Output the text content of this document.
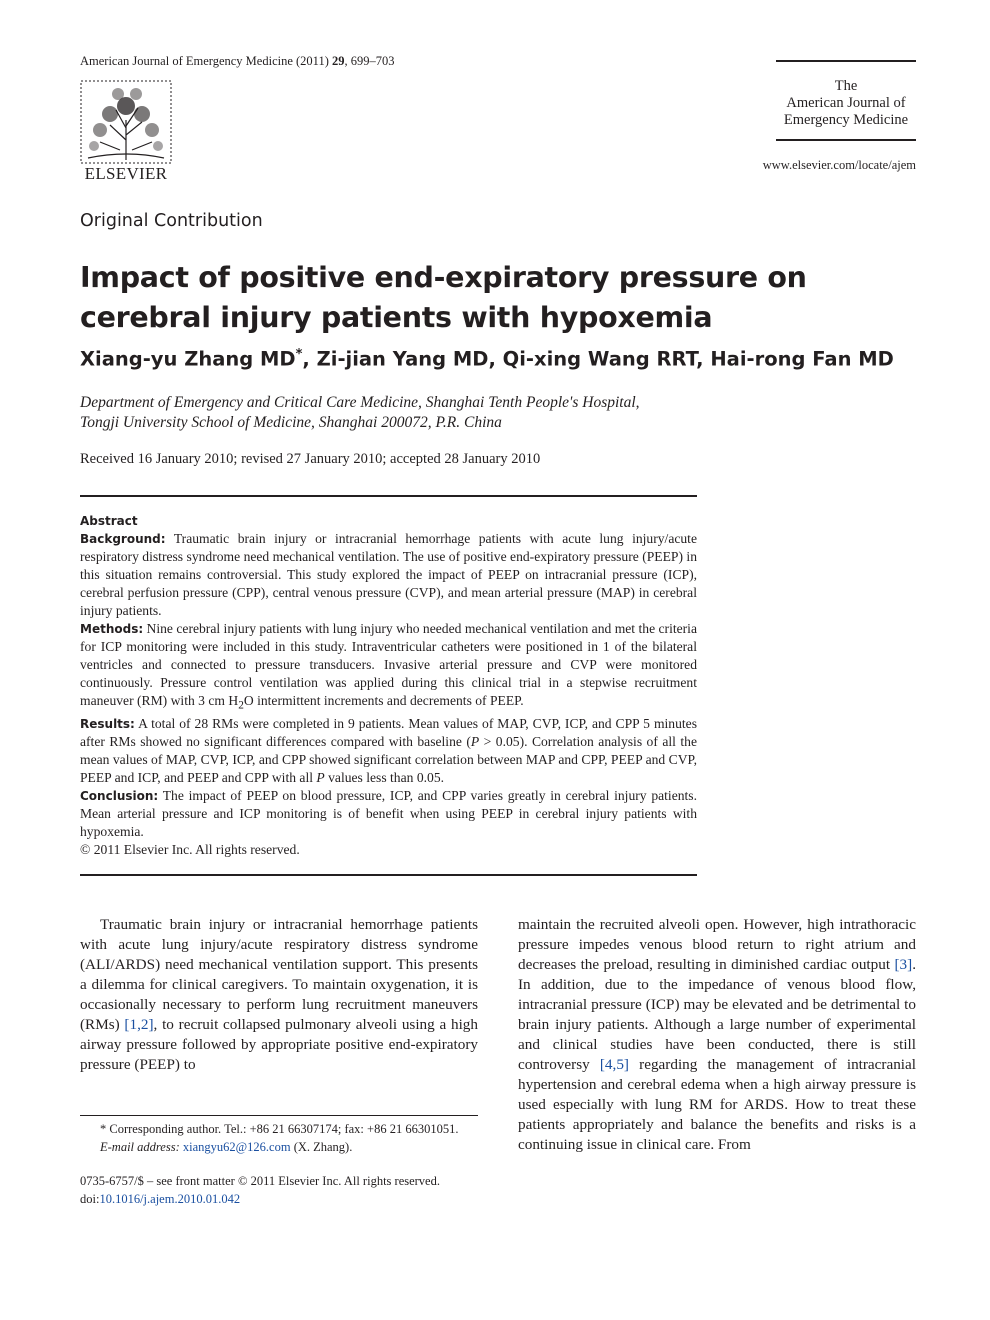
American Journal of Emergency Medicine (2011) 29, 699–703
ELSEVIER
The
American Journal of
Emergency Medicine
www.elsevier.com/locate/ajem
Original Contribution
Impact of positive end-expiratory pressure on cerebral injury patients with hypoxemia
Xiang-yu Zhang MD*, Zi-jian Yang MD, Qi-xing Wang RRT, Hai-rong Fan MD
Department of Emergency and Critical Care Medicine, Shanghai Tenth People's Hospital,
Tongji University School of Medicine, Shanghai 200072, P.R. China
Received 16 January 2010; revised 27 January 2010; accepted 28 January 2010

Abstract

Background: Traumatic brain injury or intracranial hemorrhage patients with acute lung injury/acute respiratory distress syndrome need mechanical ventilation. The use of positive end-expiratory pressure (PEEP) in this situation remains controversial. This study explored the impact of PEEP on intracranial pressure (ICP), cerebral perfusion pressure (CPP), central venous pressure (CVP), and mean arterial pressure (MAP) in cerebral injury patients.

Methods: Nine cerebral injury patients with lung injury who needed mechanical ventilation and met the criteria for ICP monitoring were included in this study. Intraventricular catheters were positioned in 1 of the bilateral ventricles and connected to pressure transducers. Invasive arterial pressure and CVP were monitored continuously. Pressure control ventilation was applied during this clinical trial in a stepwise recruitment maneuver (RM) with 3 cm $H_2O$ intermittent increments and decrements of PEEP.

Results: A total of 28 RMs were completed in 9 patients. Mean values of MAP, CVP, ICP, and CPP 5 minutes after RMs showed no significant differences compared with baseline (P > 0.05). Correlation analysis of all the mean values of MAP, CVP, ICP, and CPP showed significant correlation between MAP and CPP, PEEP and CVP, PEEP and ICP, and PEEP and CPP with all P values less than 0.05.

Conclusion: The impact of PEEP on blood pressure, ICP, and CPP varies greatly in cerebral injury patients. Mean arterial pressure and ICP monitoring is of benefit when using PEEP in cerebral injury patients with hypoxemia.

© 2011 Elsevier Inc. All rights reserved.

Traumatic brain injury or intracranial hemorrhage patients with acute lung injury/acute respiratory distress syndrome (ALI/ARDS) need mechanical ventilation support. This presents a dilemma for clinical caregivers. To maintain oxygenation, it is occasionally necessary to perform lung recruitment maneuvers (RMs) [1,2], to recruit collapsed pulmonary alveoli using a high airway pressure followed by appropriate positive end-expiratory pressure (PEEP) to
maintain the recruited alveoli open. However, high intrathoracic pressure impedes venous blood return to right atrium and decreases the preload, resulting in diminished cardiac output [3]. In addition, due to the impedance of venous blood flow, intracranial pressure (ICP) may be elevated and be detrimental to brain injury patients. Although a large number of experimental and clinical studies have been conducted, there is still controversy [4,5] regarding the management of intracranial hypertension and cerebral edema when a high airway pressure is used especially with lung RM for ARDS. How to treat these patients appropriately and balance the benefits and risks is a continuing issue in clinical care. From
* Corresponding author. Tel.: +86 21 66307174; fax: +86 21 66301051.
E-mail address: xiangyu62@126.com (X. Zhang).
0735-6757/$ – see front matter © 2011 Elsevier Inc. All rights reserved.
doi:10.1016/j.ajem.2010.01.042
